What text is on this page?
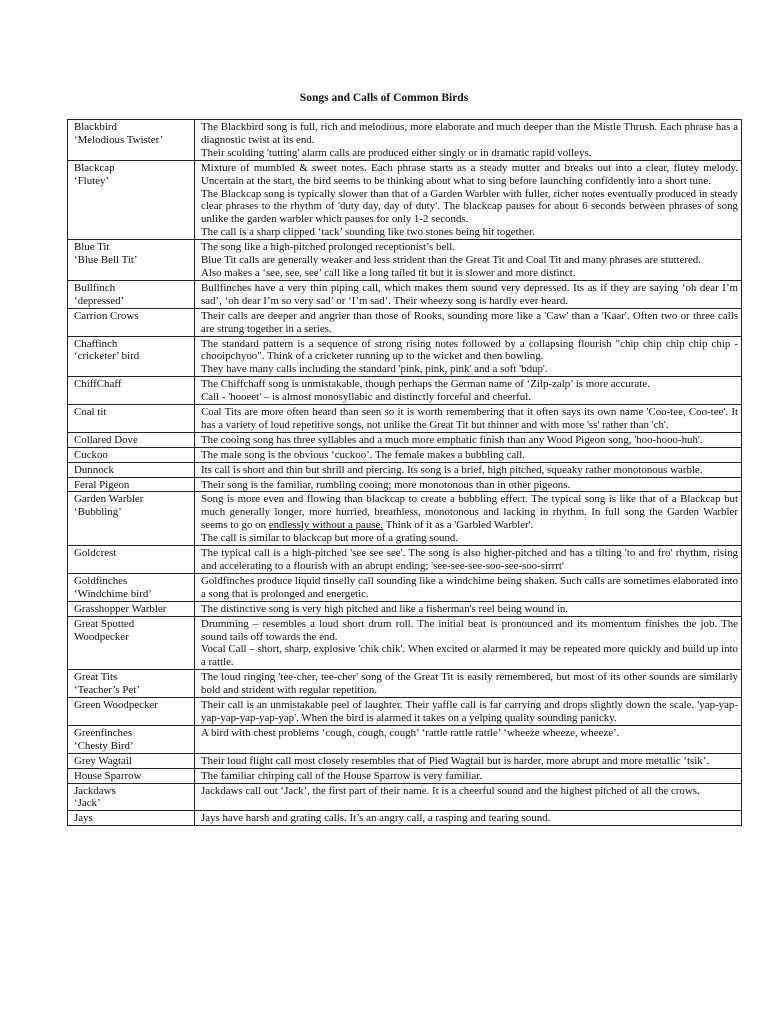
Songs and Calls of Common Birds
Blackbird
‘Melodious Twister’	The Blackbird song is full, rich and melodious, more elaborate and much deeper than the Mistle Thrush. Each phrase has a diagnostic twist at its end.
Their scolding 'tutting' alarm calls are produced either singly or in dramatic rapid volleys.

Blackcap
‘Flutey’	Mixture of mumbled & sweet notes. Each phrase starts as a steady mutter and breaks out into a clear, flutey melody. Uncertain at the start, the bird seems to be thinking about what to sing before launching confidently into a short tune.
The Blackcap song is typically slower than that of a Garden Warbler with fuller, richer notes eventually produced in steady clear phrases to the rhythm of 'duty day, day of duty'. The blackcap pauses for about 6 seconds between phrases of song unlike the garden warbler which pauses for only 1-2 seconds.
The call is a sharp clipped ‘tack’ sounding like two stones being hit together.

Blue Tit
‘Blue Bell Tit’	The song like a high-pitched prolonged receptionist’s bell.
Blue Tit calls are generally weaker and less strident than the Great Tit and Coal Tit and many phrases are stuttered.
Also makes a ‘see, see, see’ call like a long tailed tit but it is slower and more distinct.

Bullfinch
‘depressed’	Bullfinches have a very thin piping call, which makes them sound very depressed. Its as if they are saying ‘oh dear I’m sad’, ‘oh dear I’m so very sad’ or ‘I’m sad’. Their wheezy song is hardly ever heard.

Carrion Crows	Their calls are deeper and angrier than those of Rooks, sounding more like a 'Caw' than a 'Kaar'. Often two or three calls are strung together in a series.

Chaffinch
‘cricketer’ bird	The standard pattern is a sequence of strong rising notes followed by a collapsing flourish "chip chip chip chip chip - chooipchyoo". Think of a cricketer running up to the wicket and then bowling.
They have many calls including the standard 'pink, pink, pink' and a soft 'bdup'.

ChiffChaff	The Chiffchaff song is unmistakable, though perhaps the German name of ‘Zilp-zalp’ is more accurate.
Call - 'hooeet' – is almost monosyllabic and distinctly forceful and cheerful.

Coal tit	Coal Tits are more often heard than seen so it is worth remembering that it often says its own name 'Coo-tee, Coo-tee'. It has a variety of loud repetitive songs, not unlike the Great Tit but thinner and with more 'ss' rather than 'ch'.

Collared Dove	The cooing song has three syllables and a much more emphatic finish than any Wood Pigeon song, 'hoo-hooo-huh'.

Cuckoo	The male song is the obvious ‘cuckoo’. The female makes a bubbling call.

Dunnock	Its call is short and thin but shrill and piercing. Its song is a brief, high pitched, squeaky rather monotonous warble.

Feral Pigeon	Their song is the familiar, rumbling cooing; more monotonous than in other pigeons.

Garden Warbler
‘Bubbling’	Song is more even and flowing than blackcap to create a bubbling effect. The typical song is like that of a Blackcap but much generally longer, more hurried, breathless, monotonous and lacking in rhythm. In full song the Garden Warbler seems to go on endlessly without a pause. Think of it as a 'Garbled Warbler'.
The call is similar to blackcap but more of a grating sound.

Goldcrest	The typical call is a high-pitched 'see see see'. The song is also higher-pitched and has a tilting 'to and fro' rhythm, rising and accelerating to a flourish with an abrupt ending; 'see-see-see-soo-see-soo-sirrrt'

Goldfinches
‘Windchime bird’	Goldfinches produce liquid tinselly call sounding like a windchime being shaken. Such calls are sometimes elaborated into a song that is prolonged and energetic.

Grasshopper Warbler	The distinctive song is very high pitched and like a fisherman's reel being wound in.

Great Spotted
Woodpecker	Drumming – resembles a loud short drum roll. The initial beat is pronounced and its momentum finishes the job. The sound tails off towards the end.
Vocal Call – short, sharp, explosive 'chik chik'. When excited or alarmed it may be repeated more quickly and build up into a rattle.

Great Tits
‘Teacher’s Pet’	The loud ringing 'tee-cher, tee-cher' song of the Great Tit is easily remembered, but most of its other sounds are similarly bold and strident with regular repetition.

Green Woodpecker	Their call is an unmistakable peel of laughter. Their yaffle call is far carrying and drops slightly down the scale. 'yap-yap-yap-yap-yap-yap-yap'. When the bird is alarmed it takes on a yelping quality sounding panicky.

Greenfinches
‘Chesty Bird’	A bird with chest problems ‘cough, cough, cough’ ‘rattle rattle rattle’ ‘wheeze wheeze, wheeze’.

Grey Wagtail	Their loud flight call most closely resembles that of Pied Wagtail but is harder, more abrupt and more metallic ‘tsik’.

House Sparrow	The familiar chirping call of the House Sparrow is very familiar.

Jackdaws
‘Jack’	Jackdaws call out ‘Jack’, the first part of their name. It is a cheerful sound and the highest pitched of all the crows.

Jays	Jays have harsh and grating calls. It’s an angry call, a rasping and tearing sound.
